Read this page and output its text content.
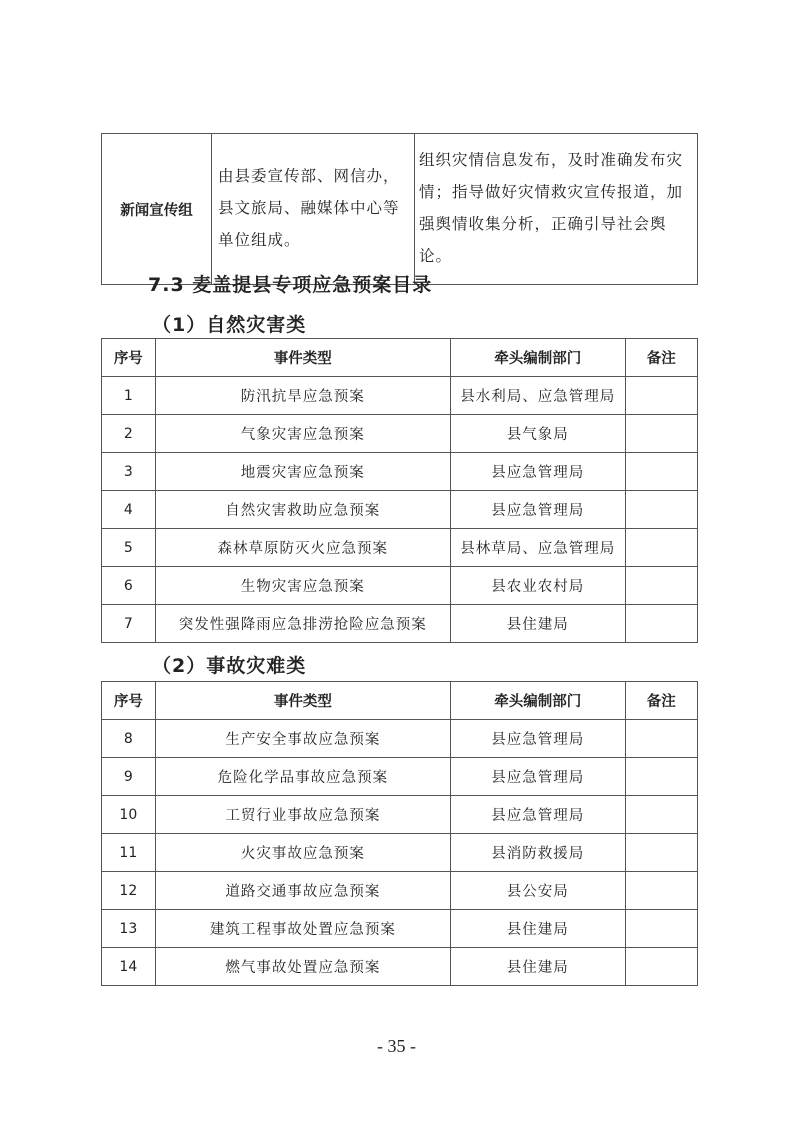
新闻宣传组	由县委宣传部、网信办，县文旅局、融媒体中心等单位组成。	组织灾情信息发布，及时准确发布灾情；指导做好灾情救灾宣传报道，加强舆情收集分析，正确引导社会舆论。
7.3 麦盖提县专项应急预案目录
（1）自然灾害类
序号	事件类型	牵头编制部门	备注
1	防汛抗旱应急预案	县水利局、应急管理局	
2	气象灾害应急预案	县气象局	
3	地震灾害应急预案	县应急管理局	
4	自然灾害救助应急预案	县应急管理局	
5	森林草原防灭火应急预案	县林草局、应急管理局	
6	生物灾害应急预案	县农业农村局	
7	突发性强降雨应急排涝抢险应急预案	县住建局	
（2）事故灾难类
序号	事件类型	牵头编制部门	备注
8	生产安全事故应急预案	县应急管理局	
9	危险化学品事故应急预案	县应急管理局	
10	工贸行业事故应急预案	县应急管理局	
11	火灾事故应急预案	县消防救援局	
12	道路交通事故应急预案	县公安局	
13	建筑工程事故处置应急预案	县住建局	
14	燃气事故处置应急预案	县住建局	
- 35 -
